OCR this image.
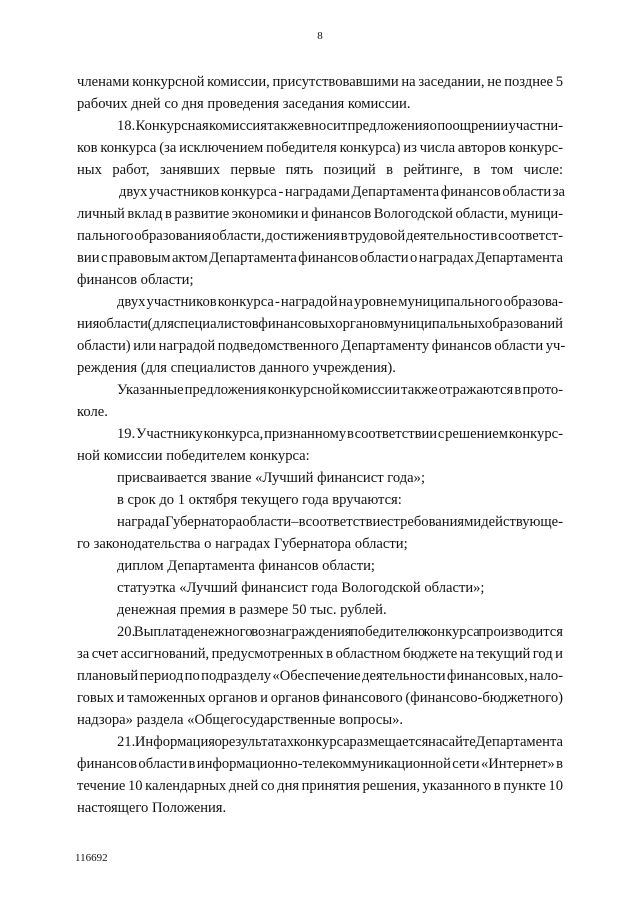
8
членами конкурсной комиссии, присутствовавшими на заседании, не позднее 5
рабочих дней со дня проведения заседания комиссии.
18. Конкурсная комиссия также вносит предложения о поощрении участни-
ков конкурса (за исключением победителя конкурса) из числа авторов конкурс-
ных работ, занявших первые пять позиций в рейтинге, в том числе:
двух участников конкурса - наградами Департамента финансов области за
личный вклад в развитие экономики и финансов Вологодской области, муници-
пального образования области, достижения в трудовой деятельности в соответст-
вии с правовым актом Департамента финансов области о наградах Департамента
финансов области;
двух участников конкурса - наградой на уровне муниципального образова-
ния области (для специалистов финансовых органов муниципальных образований
области) или наградой подведомственного Департаменту финансов области уч-
реждения (для специалистов данного учреждения).
Указанные предложения конкурсной комиссии также отражаются в прото-
коле.
19. Участнику конкурса, признанному в соответствии с решением конкурс-
ной комиссии победителем конкурса:
присваивается звание «Лучший финансист года»;
в срок до 1 октября текущего года вручаются:
награда Губернатора области – в соответствие с требованиями действующе-
го законодательства о наградах Губернатора области;
диплом Департамента финансов области;
статуэтка «Лучший финансист года Вологодской области»;
денежная премия в размере 50 тыс. рублей.
20. Выплата денежного вознаграждения победителю конкурса производится
за счет ассигнований, предусмотренных в областном бюджете на текущий год и
плановый период по подразделу «Обеспечение деятельности финансовых, нало-
говых и таможенных органов и органов финансового (финансово-бюджетного)
надзора» раздела «Общегосударственные вопросы».
21. Информация о результатах конкурса размещается на сайте Департамента
финансов области в информационно-телекоммуникационной сети «Интернет» в
течение 10 календарных дней со дня принятия решения, указанного в пункте 10
настоящего Положения.
116692
